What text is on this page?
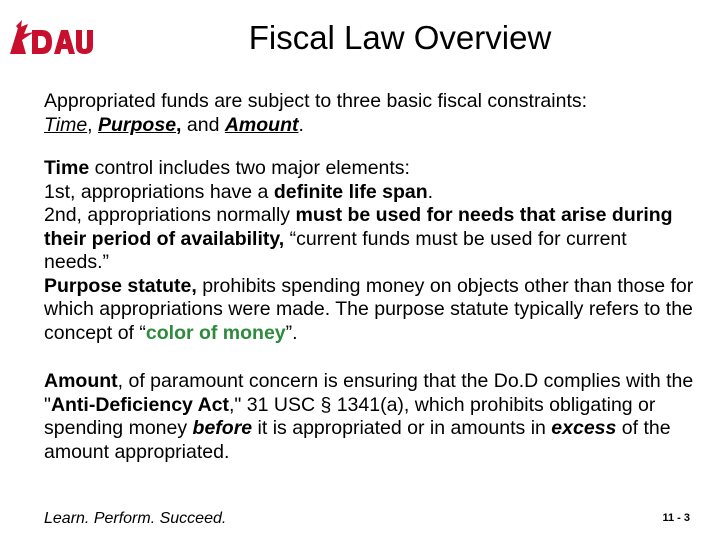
Fiscal Law Overview

Appropriated funds are subject to three basic fiscal constraints:
Time, Purpose, and Amount.

Time control includes two major elements:
1st, appropriations have a definite life span.
2nd, appropriations normally must be used for needs that arise during their period of availability, “current funds must be used for current needs.”

Purpose statute, prohibits spending money on objects other than those for which appropriations were made. The purpose statute typically refers to the concept of “color of money”.

Amount, of paramount concern is ensuring that the Do.D complies with the "Anti-Deficiency Act," 31 USC § 1341(a), which prohibits obligating or spending money before it is appropriated or in amounts in excess of the amount appropriated.

Learn. Perform. Succeed.	11 - 3
